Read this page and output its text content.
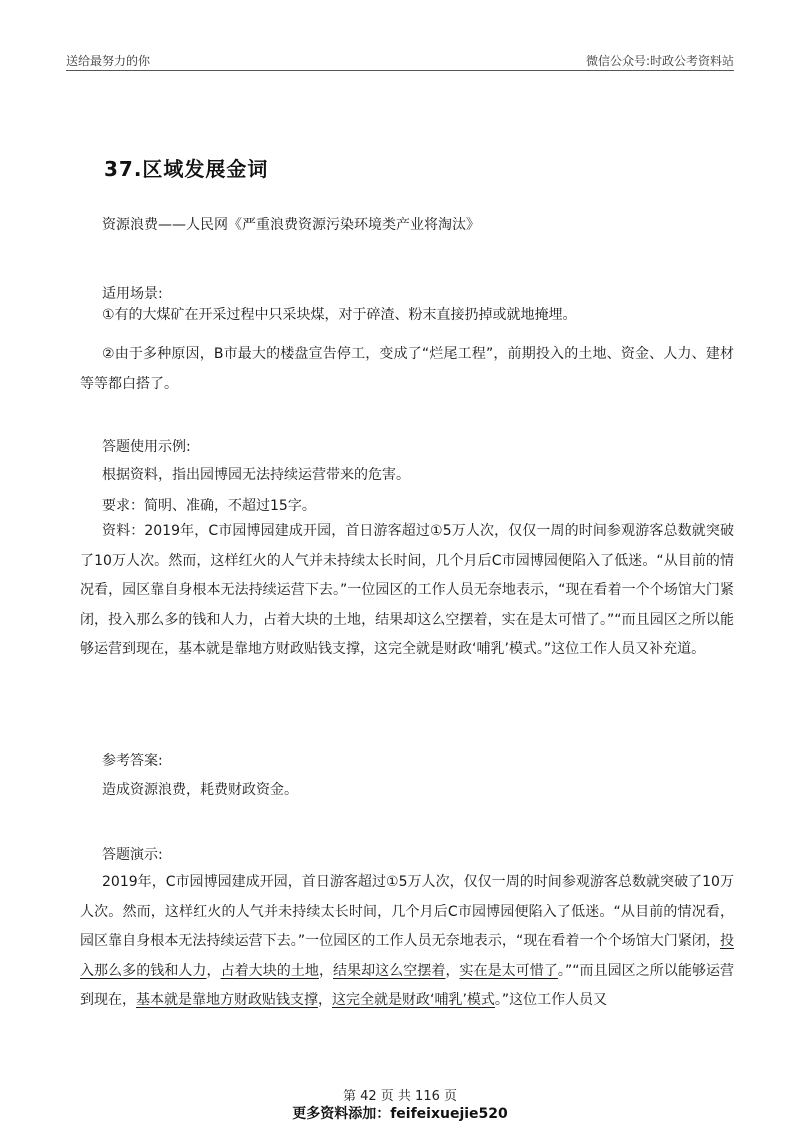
送给最努力的你	微信公众号:时政公考资料站
37.区域发展金词
资源浪费——人民网《严重浪费资源污染环境类产业将淘汰》
适用场景:
①有的大煤矿在开采过程中只采块煤，对于碎渣、粉末直接扔掉或就地掩埋。
②由于多种原因，B市最大的楼盘宣告停工，变成了“烂尾工程”，前期投入的土地、资金、人力、建材等等都白搭了。
答题使用示例:
根据资料，指出园博园无法持续运营带来的危害。
要求：简明、准确，不超过15字。
资料：2019年，C市园博园建成开园，首日游客超过①5万人次，仅仅一周的时间参观游客总数就突破了10万人次。然而，这样红火的人气并未持续太长时间，几个月后C市园博园便陷入了低迷。“从目前的情况看，园区靠自身根本无法持续运营下去。”一位园区的工作人员无奈地表示，“现在看着一个个场馆大门紧闭，投入那么多的钱和人力，占着大块的土地，结果却这么空摆着，实在是太可惜了。”“而且园区之所以能够运营到现在，基本就是靠地方财政贴钱支撑，这完全就是财政‘哺乳’模式。”这位工作人员又补充道。
参考答案:
造成资源浪费，耗费财政资金。
答题演示:
2019年，C市园博园建成开园，首日游客超过①5万人次，仅仅一周的时间参观游客总数就突破了10万人次。然而，这样红火的人气并未持续太长时间，几个月后C市园博园便陷入了低迷。“从目前的情况看，园区靠自身根本无法持续运营下去。”一位园区的工作人员无奈地表示，“现在看着一个个场馆大门紧闭，投入那么多的钱和人力，占着大块的土地，结果却这么空摆着，实在是太可惜了。”“而且园区之所以能够运营到现在，基本就是靠地方财政贴钱支撑，这完全就是财政‘哺乳’模式。”这位工作人员又
第 42 页 共 116 页
更多资料添加：feifeixuejie520
